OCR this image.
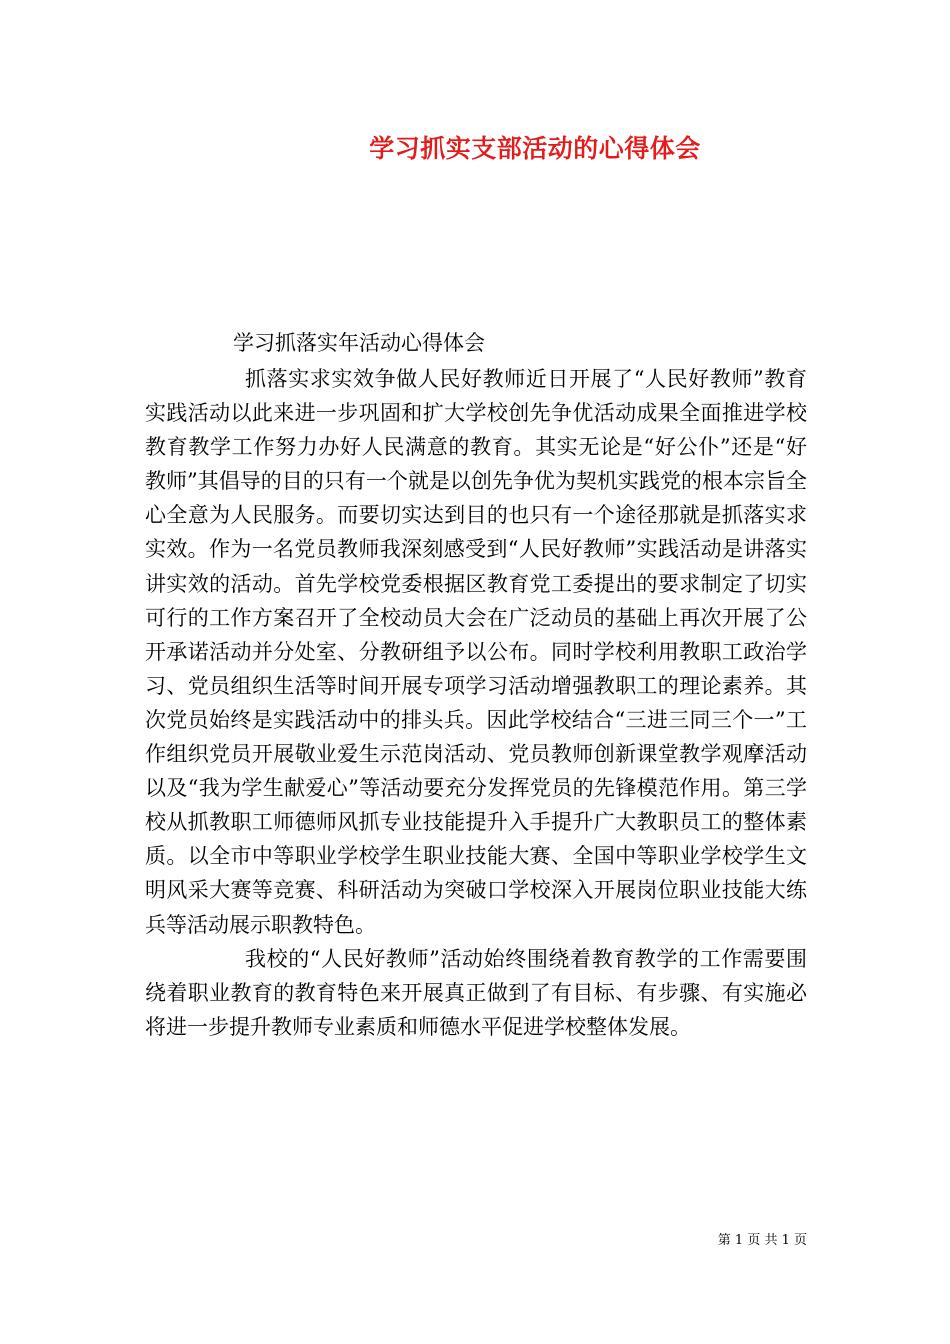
学习抓实支部活动的心得体会
学习抓落实年活动心得体会

抓落实求实效争做人民好教师近日开展了“人民好教师”教育实践活动以此来进一步巩固和扩大学校创先争优活动成果全面推进学校教育教学工作努力办好人民满意的教育。其实无论是“好公仆”还是“好教师”其倡导的目的只有一个就是以创先争优为契机实践党的根本宗旨全心全意为人民服务。而要切实达到目的也只有一个途径那就是抓落实求实效。作为一名党员教师我深刻感受到“人民好教师”实践活动是讲落实讲实效的活动。首先学校党委根据区教育党工委提出的要求制定了切实可行的工作方案召开了全校动员大会在广泛动员的基础上再次开展了公开承诺活动并分处室、分教研组予以公布。同时学校利用教职工政治学习、党员组织生活等时间开展专项学习活动增强教职工的理论素养。其次党员始终是实践活动中的排头兵。因此学校结合“三进三同三个一”工作组织党员开展敬业爱生示范岗活动、党员教师创新课堂教学观摩活动以及“我为学生献爱心”等活动要充分发挥党员的先锋模范作用。第三学校从抓教职工师德师风抓专业技能提升入手提升广大教职员工的整体素质。以全市中等职业学校学生职业技能大赛、全国中等职业学校学生文明风采大赛等竞赛、科研活动为突破口学校深入开展岗位职业技能大练兵等活动展示职教特色。

我校的“人民好教师”活动始终围绕着教育教学的工作需要围绕着职业教育的教育特色来开展真正做到了有目标、有步骤、有实施必将进一步提升教师专业素质和师德水平促进学校整体发展。

第 1 页 共 1 页
